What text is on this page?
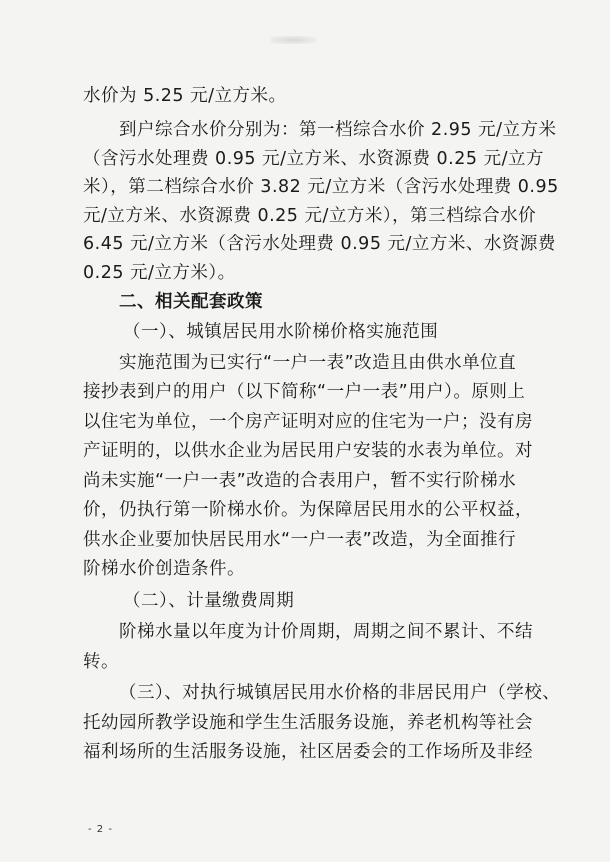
水价为 5.25 元/立方米。
到户综合水价分别为：第一档综合水价 2.95 元/立方米
（含污水处理费 0.95 元/立方米、水资源费 0.25 元/立方
米），第二档综合水价 3.82 元/立方米（含污水处理费 0.95
元/立方米、水资源费 0.25 元/立方米），第三档综合水价
6.45 元/立方米（含污水处理费 0.95 元/立方米、水资源费
0.25 元/立方米）。
二、相关配套政策
（一）、城镇居民用水阶梯价格实施范围
实施范围为已实行“一户一表”改造且由供水单位直
接抄表到户的用户（以下简称“一户一表”用户）。原则上
以住宅为单位，一个房产证明对应的住宅为一户；没有房
产证明的，以供水企业为居民用户安装的水表为单位。对
尚未实施“一户一表”改造的合表用户，暂不实行阶梯水
价，仍执行第一阶梯水价。为保障居民用水的公平权益，
供水企业要加快居民用水“一户一表”改造，为全面推行
阶梯水价创造条件。
（二）、计量缴费周期
阶梯水量以年度为计价周期，周期之间不累计、不结
转。
（三）、对执行城镇居民用水价格的非居民用户（学校、
托幼园所教学设施和学生生活服务设施，养老机构等社会
福利场所的生活服务设施，社区居委会的工作场所及非经
- 2 -
